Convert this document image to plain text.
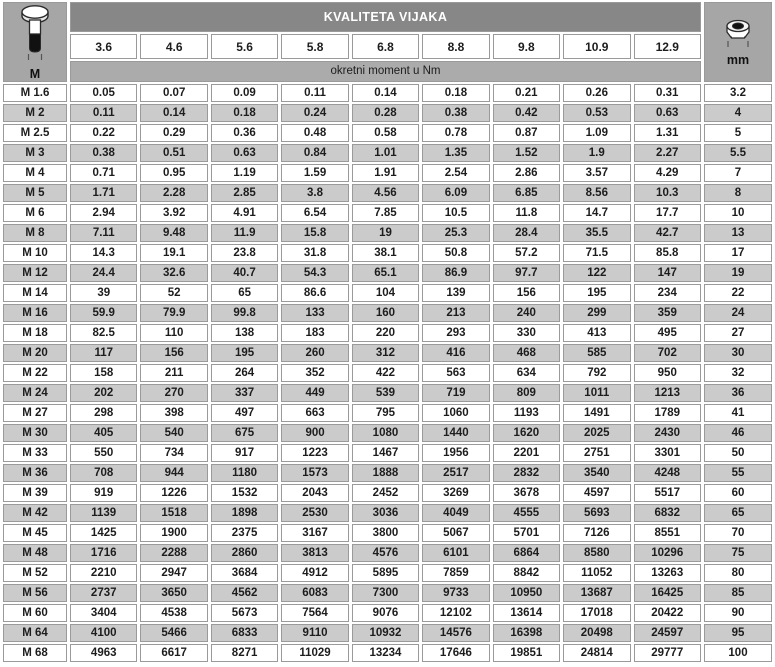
M	KVALITETA VIJAKA									mm

	3.6	4.6	5.6	5.8	6.8	8.8	9.8	10.9	12.9	
	okretni moment u Nm									
M 1.6	0.05	0.07	0.09	0.11	0.14	0.18	0.21	0.26	0.31	3.2
M 2	0.11	0.14	0.18	0.24	0.28	0.38	0.42	0.53	0.63	4
M 2.5	0.22	0.29	0.36	0.48	0.58	0.78	0.87	1.09	1.31	5
M 3	0.38	0.51	0.63	0.84	1.01	1.35	1.52	1.9	2.27	5.5
M 4	0.71	0.95	1.19	1.59	1.91	2.54	2.86	3.57	4.29	7
M 5	1.71	2.28	2.85	3.8	4.56	6.09	6.85	8.56	10.3	8
M 6	2.94	3.92	4.91	6.54	7.85	10.5	11.8	14.7	17.7	10
M 8	7.11	9.48	11.9	15.8	19	25.3	28.4	35.5	42.7	13
M 10	14.3	19.1	23.8	31.8	38.1	50.8	57.2	71.5	85.8	17
M 12	24.4	32.6	40.7	54.3	65.1	86.9	97.7	122	147	19
M 14	39	52	65	86.6	104	139	156	195	234	22
M 16	59.9	79.9	99.8	133	160	213	240	299	359	24
M 18	82.5	110	138	183	220	293	330	413	495	27
M 20	117	156	195	260	312	416	468	585	702	30
M 22	158	211	264	352	422	563	634	792	950	32
M 24	202	270	337	449	539	719	809	1011	1213	36
M 27	298	398	497	663	795	1060	1193	1491	1789	41
M 30	405	540	675	900	1080	1440	1620	2025	2430	46
M 33	550	734	917	1223	1467	1956	2201	2751	3301	50
M 36	708	944	1180	1573	1888	2517	2832	3540	4248	55
M 39	919	1226	1532	2043	2452	3269	3678	4597	5517	60
M 42	1139	1518	1898	2530	3036	4049	4555	5693	6832	65
M 45	1425	1900	2375	3167	3800	5067	5701	7126	8551	70
M 48	1716	2288	2860	3813	4576	6101	6864	8580	10296	75
M 52	2210	2947	3684	4912	5895	7859	8842	11052	13263	80
M 56	2737	3650	4562	6083	7300	9733	10950	13687	16425	85
M 60	3404	4538	5673	7564	9076	12102	13614	17018	20422	90
M 64	4100	5466	6833	9110	10932	14576	16398	20498	24597	95
M 68	4963	6617	8271	11029	13234	17646	19851	24814	29777	100
